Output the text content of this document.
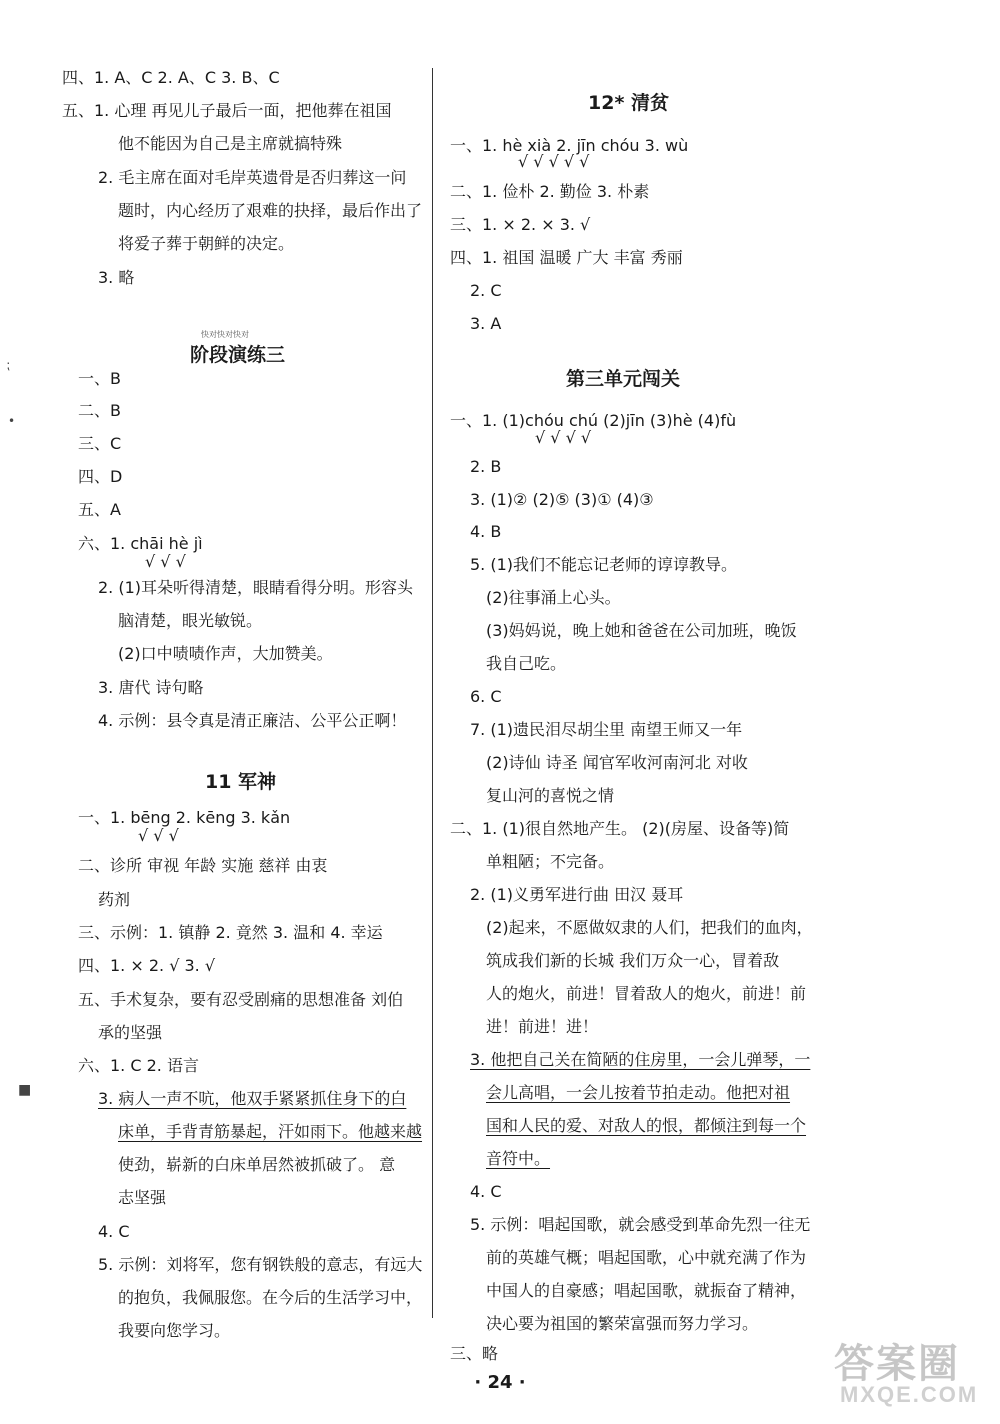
四、1. A、C 2. A、C 3. B、C
五、1. 心理 再见儿子最后一面，把他葬在祖国
他不能因为自己是主席就搞特殊
2. 毛主席在面对毛岸英遗骨是否归葬这一问
题时，内心经历了艰难的抉择，最后作出了
将爱子葬于朝鲜的决定。
3. 略
快对快对快对
阶段演练三
一、B
二、B
三、C
四、D
五、A
六、1. chāi hè jì
√ √ √
2. (1)耳朵听得清楚，眼睛看得分明。形容头
脑清楚，眼光敏锐。
(2)口中啧啧作声，大加赞美。
3. 唐代 诗句略
4. 示例：县令真是清正廉洁、公平公正啊！
11 军神
一、1. bēng 2. kēng 3. kǎn
√ √ √
二、诊所 审视 年龄 实施 慈祥 由衷
药剂
三、示例：1. 镇静 2. 竟然 3. 温和 4. 幸运
四、1. × 2. √ 3. √
五、手术复杂，要有忍受剧痛的思想准备 刘伯
承的坚强
六、1. C 2. 语言
3. 病人一声不吭，他双手紧紧抓住身下的白
床单，手背青筋暴起，汗如雨下。他越来越
使劲，崭新的白床单居然被抓破了。 意
志坚强
4. C
5. 示例：刘将军，您有钢铁般的意志，有远大
的抱负，我佩服您。在今后的生活学习中，
我要向您学习。
⁏
•
■
12* 清贫
一、1. hè xià 2. jīn chóu 3. wù
√ √ √ √ √
二、1. 俭朴 2. 勤俭 3. 朴素
三、1. × 2. × 3. √
四、1. 祖国 温暖 广大 丰富 秀丽
2. C
3. A
第三单元闯关
一、1. (1)chóu chú (2)jīn (3)hè (4)fù
√ √ √ √
2. B
3. (1)② (2)⑤ (3)① (4)③
4. B
5. (1)我们不能忘记老师的谆谆教导。
(2)往事涌上心头。
(3)妈妈说，晚上她和爸爸在公司加班，晚饭
我自己吃。
6. C
7. (1)遗民泪尽胡尘里 南望王师又一年
(2)诗仙 诗圣 闻官军收河南河北 对收
复山河的喜悦之情
二、1. (1)很自然地产生。 (2)(房屋、设备等)简
单粗陋；不完备。
2. (1)义勇军进行曲 田汉 聂耳
(2)起来，不愿做奴隶的人们，把我们的血肉，
筑成我们新的长城 我们万众一心，冒着敌
人的炮火，前进！冒着敌人的炮火，前进！前
进！前进！进！
3. 他把自己关在简陋的住房里，一会儿弹琴，一
会儿高唱，一会儿按着节拍走动。他把对祖
国和人民的爱、对敌人的恨，都倾注到每一个
音符中。
4. C
5. 示例：唱起国歌，就会感受到革命先烈一往无
前的英雄气概；唱起国歌，心中就充满了作为
中国人的自豪感；唱起国歌，就振奋了精神，
决心要为祖国的繁荣富强而努力学习。
三、略
· 24 ·	答案圈
MXQE.COM
